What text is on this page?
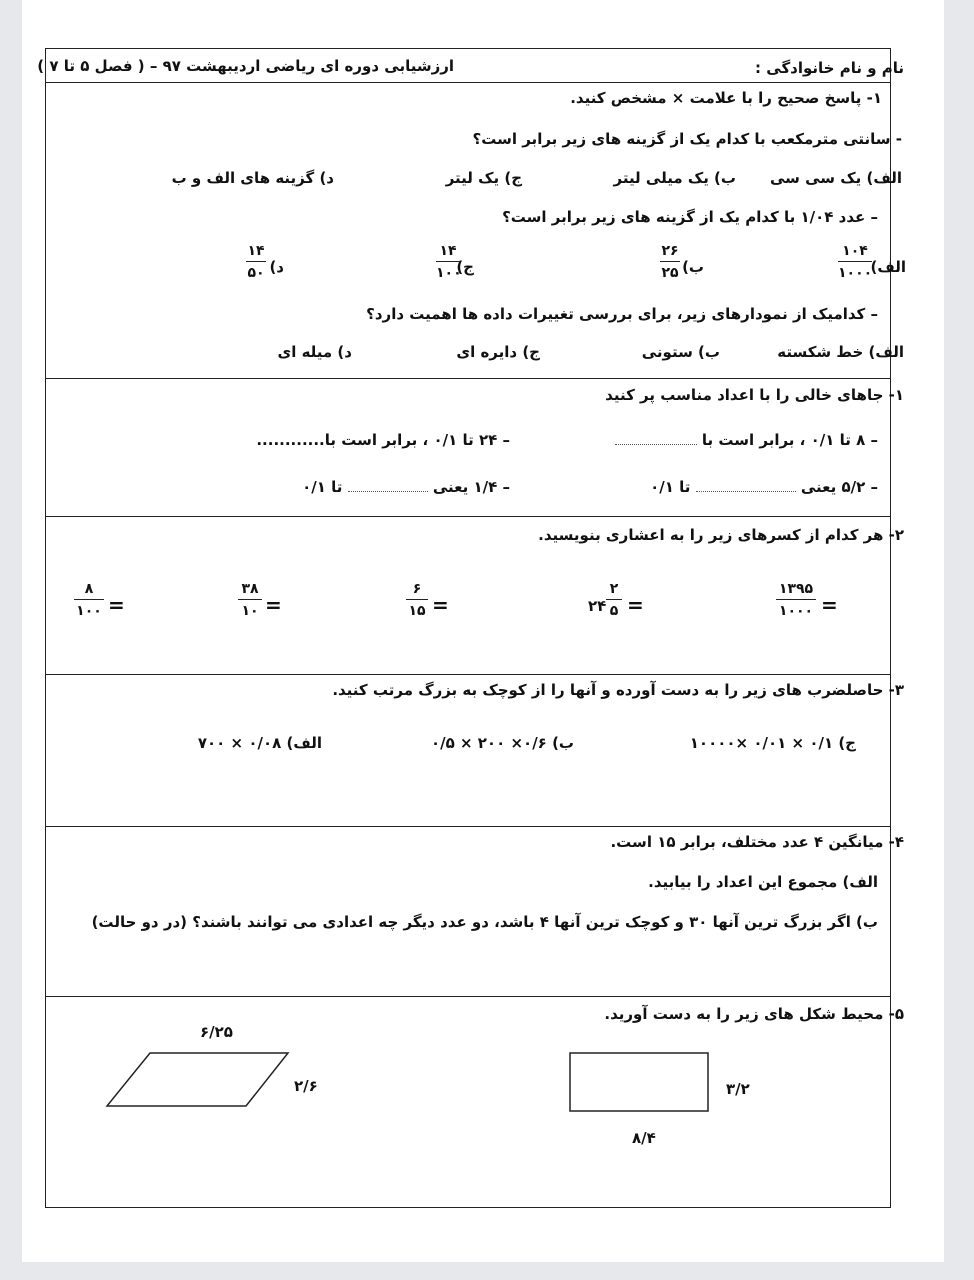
نام و نام خانوادگی :
ارزشیابی دوره ای ریاضی اردیبهشت ۹۷ – ( فصل ۵ تا ۷ )
۱- پاسخ صحیح را با علامت × مشخص کنید.
- سانتی مترمکعب با کدام یک از گزینه های زیر برابر است؟
الف) یک سی سی
ب) یک میلی لیتر
ج) یک لیتر
د) گزینه های الف و ب
– عدد ۱/۰۴ با کدام یک از گزینه های زیر برابر است؟
الف)
۱۰۴
۱۰۰۰
ب)
۲۶
۲۵
ج)
۱۴
۱۰۰
د)
۱۴
۵۰
– کدامیک از نمودارهای زیر، برای بررسی تغییرات داده ها اهمیت دارد؟
الف) خط شکسته
ب) ستونی
ج) دایره ای
د) میله ای
۱- جاهای خالی را با اعداد مناسب پر کنید
– ۸ تا ۰/۱ ، برابر است با
– ۲۴ تا ۰/۱ ، برابر است با............
– ۵/۲ یعنی  تا ۰/۱
– ۱/۴ یعنی  تا ۰/۱
۲- هر کدام از کسرهای زیر را به اعشاری بنویسید.
۱۳۹۵
۱۰۰۰ =
۲۴
۲
۵ =
۶
۱۵ =
۳۸
۱۰ =
۸
۱۰۰ =
۳- حاصلضرب های زیر را به دست آورده و آنها را از کوچک به بزرگ مرتب کنید.
الف) ۰/۰۸ × ۷۰۰	ب) ۰/۶× ۲۰۰ × ۰/۵	ج) ۰/۱ × ۰/۰۱ ×۱۰۰۰۰
۴- میانگین ۴ عدد مختلف، برابر ۱۵ است.
الف) مجموع این اعداد را بیابید.
ب) اگر بزرگ ترین آنها ۳۰ و کوچک ترین آنها ۴ باشد، دو عدد دیگر چه اعدادی می توانند باشند؟ (در دو حالت)
۵- محیط شکل های زیر را به دست آورید.
۳/۲
۸/۴
۶/۲۵
۲/۶
